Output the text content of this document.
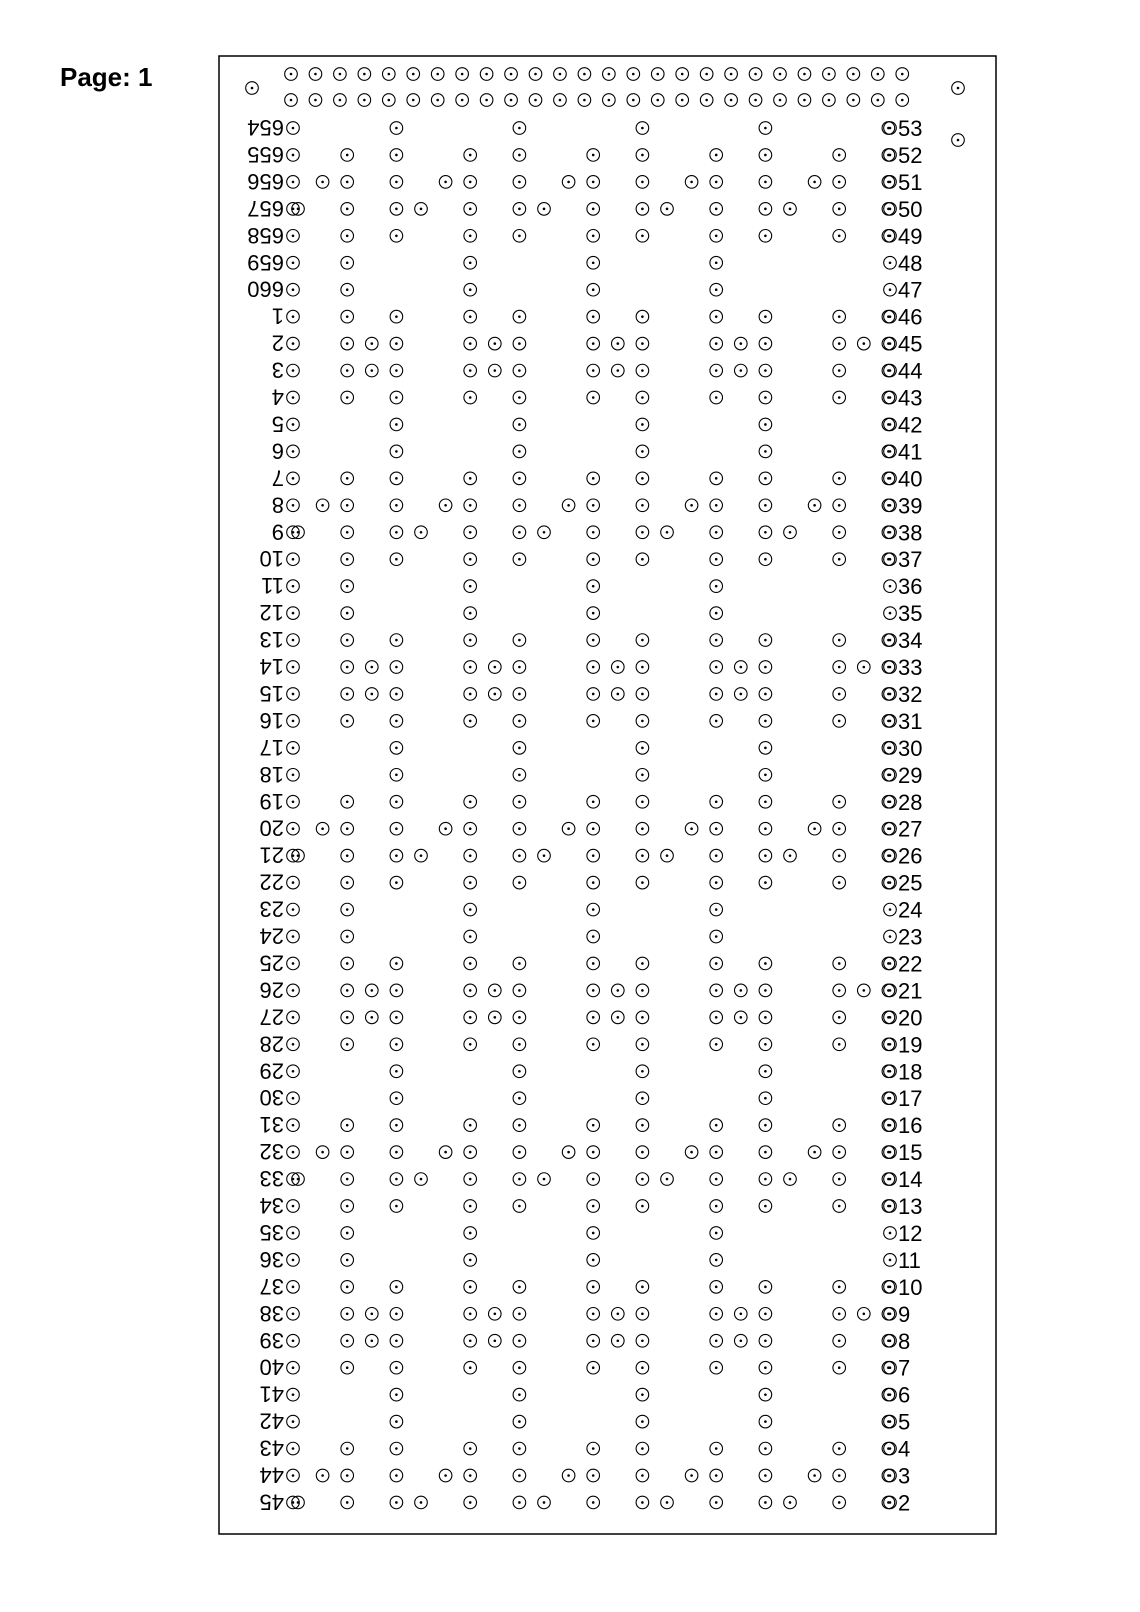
Page: 1
654
655
656
657
658
659
660
1
2
3
4
5
6
7
8
9
10
11
12
13
14
15
16
17
18
19
20
21
22
23
24
25
26
27
28
29
30
31
32
33
34
35
36
37
38
39
40
41
42
43
44
45
53
52
51
50
49
48
47
46
45
44
43
42
41
40
39
38
37
36
35
34
33
32
31
30
29
28
27
26
25
24
23
22
21
20
19
18
17
16
15
14
13
12
11
10
9
8
7
6
5
4
3
2
